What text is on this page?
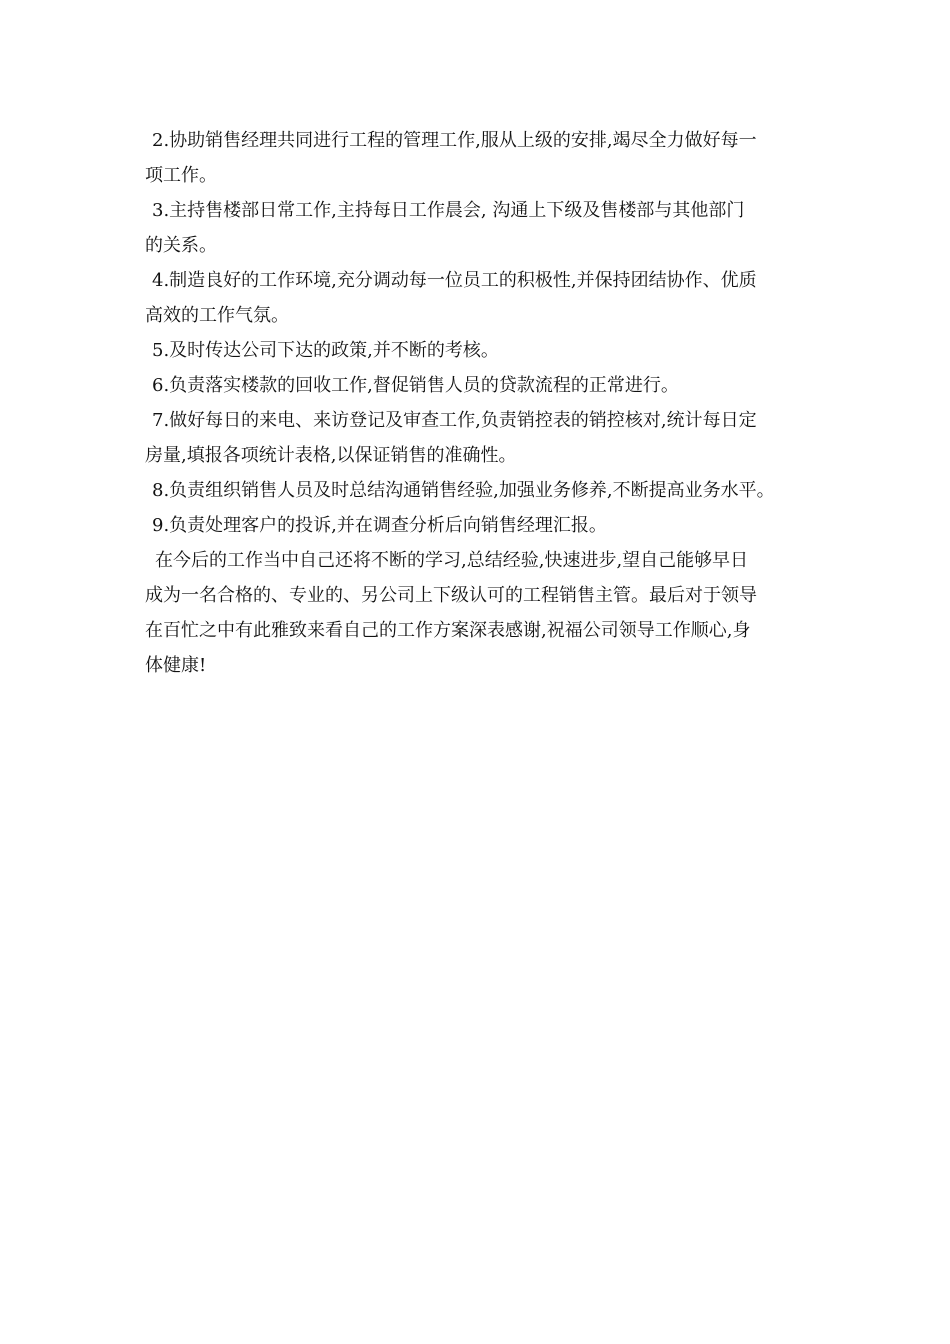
2.协助销售经理共同进行工程的管理工作,服从上级的安排,竭尽全力做好每一
项工作。
3.主持售楼部日常工作,主持每日工作晨会, 沟通上下级及售楼部与其他部门
的关系。
4.制造良好的工作环境,充分调动每一位员工的积极性,并保持团结协作、优质
高效的工作气氛。
5.及时传达公司下达的政策,并不断的考核。
6.负责落实楼款的回收工作,督促销售人员的贷款流程的正常进行。
7.做好每日的来电、来访登记及审查工作,负责销控表的销控核对,统计每日定
房量,填报各项统计表格,以保证销售的准确性。
8.负责组织销售人员及时总结沟通销售经验,加强业务修养,不断提高业务水平。
9.负责处理客户的投诉,并在调查分析后向销售经理汇报。
在今后的工作当中自己还将不断的学习,总结经验,快速进步,望自己能够早日
成为一名合格的、专业的、另公司上下级认可的工程销售主管。最后对于领导
在百忙之中有此雅致来看自己的工作方案深表感谢,祝福公司领导工作顺心,身
体健康!
